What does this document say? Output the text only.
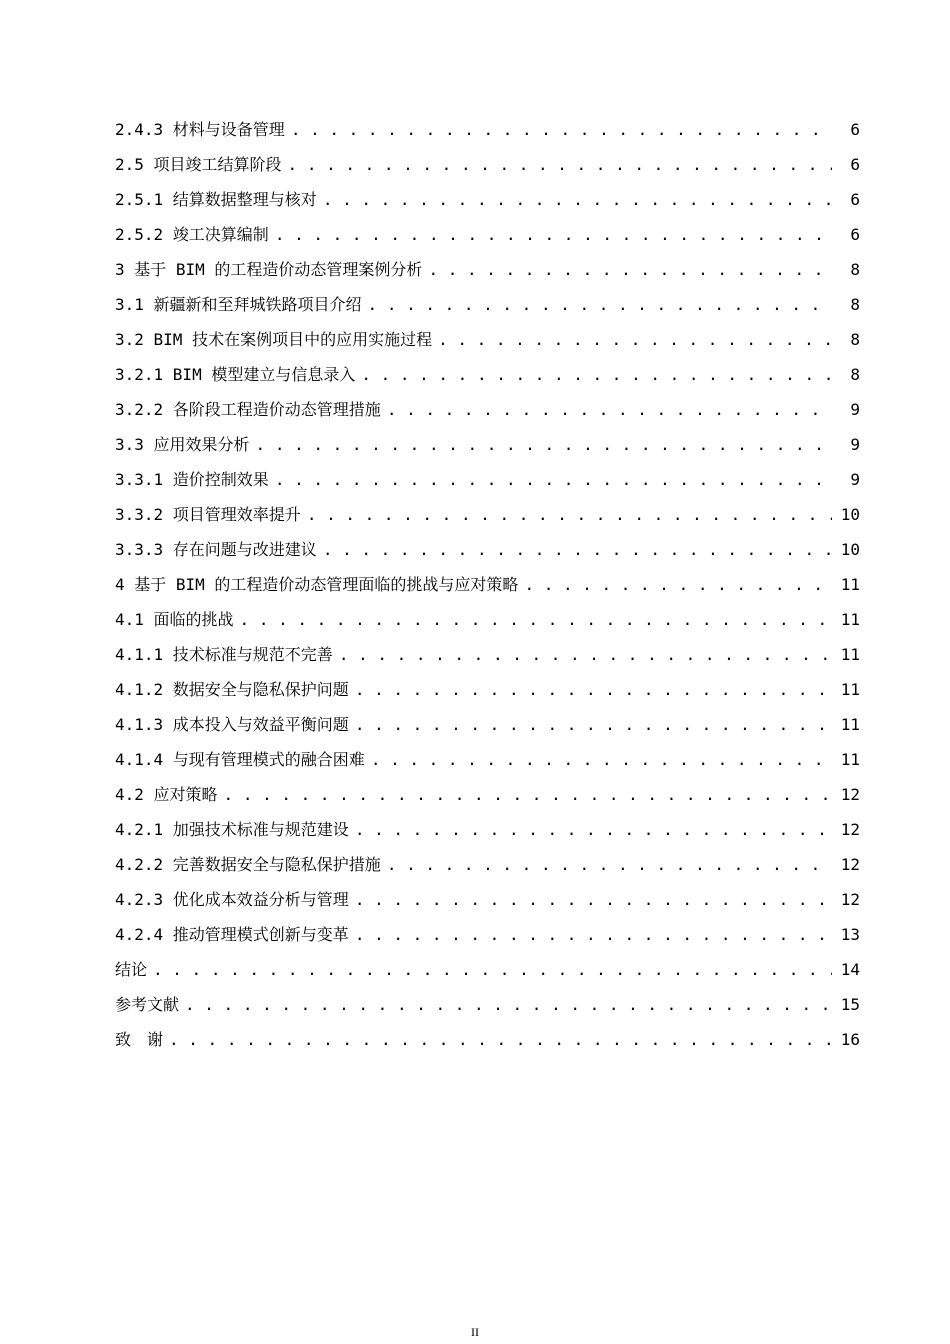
2.4.3 材料与设备管理 . . .	6
2.5 项目竣工结算阶段 . . .	6
2.5.1 结算数据整理与核对 . . .	6
2.5.2 竣工决算编制 . . .	6
3 基于 BIM 的工程造价动态管理案例分析 . . .	8
3.1 新疆新和至拜城铁路项目介绍 . . .	8
3.2 BIM 技术在案例项目中的应用实施过程 . . .	8
3.2.1 BIM 模型建立与信息录入 . . .	8
3.2.2 各阶段工程造价动态管理措施 . . .	9
3.3 应用效果分析 . . .	9
3.3.1 造价控制效果 . . .	9
3.3.2 项目管理效率提升 . . .	10
3.3.3 存在问题与改进建议 . . .	10
4 基于 BIM 的工程造价动态管理面临的挑战与应对策略 . . .	11
4.1 面临的挑战 . . .	11
4.1.1 技术标准与规范不完善 . . .	11
4.1.2 数据安全与隐私保护问题 . . .	11
4.1.3 成本投入与效益平衡问题 . . .	11
4.1.4 与现有管理模式的融合困难 . . .	11
4.2 应对策略 . . .	12
4.2.1 加强技术标准与规范建设 . . .	12
4.2.2 完善数据安全与隐私保护措施 . . .	12
4.2.3 优化成本效益分析与管理 . . .	12
4.2.4 推动管理模式创新与变革 . . .	13
结论 . . .	14
参考文献 . . .	15
致　谢 . . .	16
II
